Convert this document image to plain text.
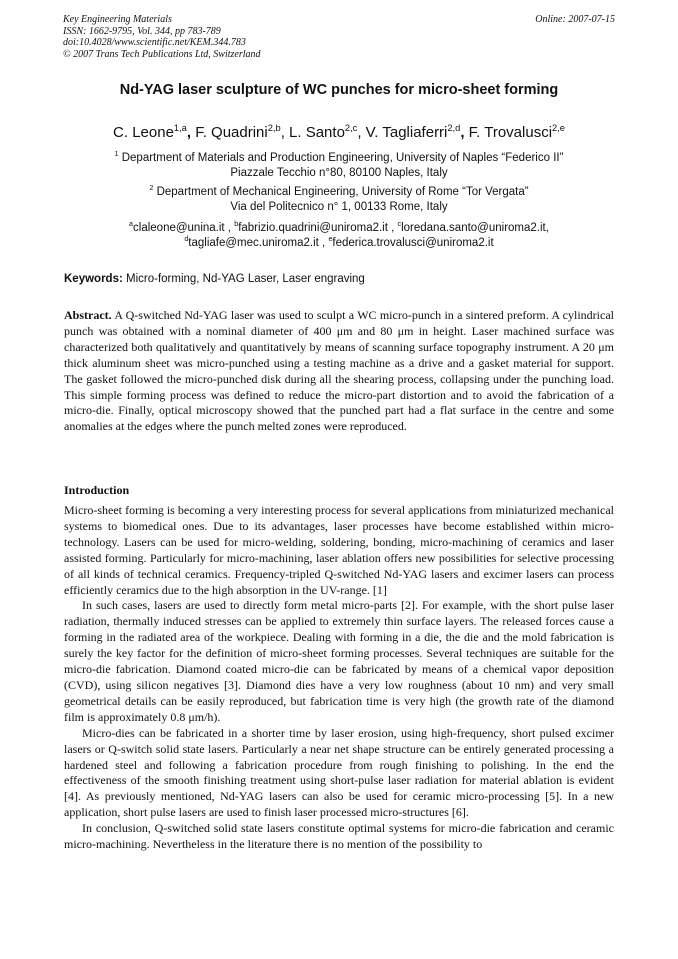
Key Engineering Materials
ISSN: 1662-9795, Vol. 344, pp 783-789
doi:10.4028/www.scientific.net/KEM.344.783
© 2007 Trans Tech Publications Ltd, Switzerland
Online: 2007-07-15
Nd-YAG laser sculpture of WC punches for micro-sheet forming
C. Leone$^{1,a}$, F. Quadrini$^{2,b}$, L. Santo$^{2,c}$, V. Tagliaferri$^{2,d}$, F. Trovalusci$^{2,e}$
$^1$ Department of Materials and Production Engineering, University of Naples “Federico II”
Piazzale Tecchio n°80, 80100 Naples, Italy
$^2$ Department of Mechanical Engineering, University of Rome “Tor Vergata”
Via del Politecnico n° 1, 00133 Rome, Italy
$^a$claleone@unina.it , $^b$fabrizio.quadrini@uniroma2.it , $^c$loredana.santo@uniroma2.it,
$^d$tagliafe@mec.uniroma2.it , $^e$federica.trovalusci@uniroma2.it
Keywords: Micro-forming, Nd-YAG Laser, Laser engraving
Abstract. A Q-switched Nd-YAG laser was used to sculpt a WC micro-punch in a sintered preform. A cylindrical punch was obtained with a nominal diameter of 400 μm and 80 μm in height. Laser machined surface was characterized both qualitatively and quantitatively by means of scanning surface topography instrument. A 20 μm thick aluminum sheet was micro-punched using a testing machine as a drive and a gasket material for support. The gasket followed the micro-punched disk during all the shearing process, collapsing under the punching load. This simple forming process was defined to reduce the micro-part distortion and to avoid the fabrication of a micro-die. Finally, optical microscopy showed that the punched part had a flat surface in the centre and some anomalies at the edges where the punch melted zones were reproduced.
Introduction

Micro-sheet forming is becoming a very interesting process for several applications from miniaturized mechanical systems to biomedical ones. Due to its advantages, laser processes have become established within micro-technology. Lasers can be used for micro-welding, soldering, bonding, micro-machining of ceramics and laser assisted forming. Particularly for micro-machining, laser ablation offers new possibilities for selective processing of all kinds of technical ceramics. Frequency-tripled Q-switched Nd-YAG lasers and excimer lasers can process efficiently ceramics due to the high absorption in the UV-range. [1]

In such cases, lasers are used to directly form metal micro-parts [2]. For example, with the short pulse laser radiation, thermally induced stresses can be applied to extremely thin surface layers. The released forces cause a forming in the radiated area of the workpiece. Dealing with forming in a die, the die and the mold fabrication is surely the key factor for the definition of micro-sheet forming processes. Several techniques are suitable for the micro-die fabrication. Diamond coated micro-die can be fabricated by means of a chemical vapor deposition (CVD), using silicon negatives [3]. Diamond dies have a very low roughness (about 10 nm) and very small geometrical details can be easily reproduced, but fabrication time is very high (the growth rate of the diamond film is approximately 0.8 μm/h).

Micro-dies can be fabricated in a shorter time by laser erosion, using high-frequency, short pulsed excimer lasers or Q-switch solid state lasers. Particularly a near net shape structure can be entirely generated processing a hardened steel and following a fabrication procedure from rough finishing to polishing. In the end the effectiveness of the smooth finishing treatment using short-pulse laser radiation for material ablation is evident [4]. As previously mentioned, Nd-YAG lasers can also be used for ceramic micro-processing [5]. In a new application, short pulse lasers are used to finish laser processed micro-structures [6].

In conclusion, Q-switched solid state lasers constitute optimal systems for micro-die fabrication and ceramic micro-machining. Nevertheless in the literature there is no mention of the possibility to
